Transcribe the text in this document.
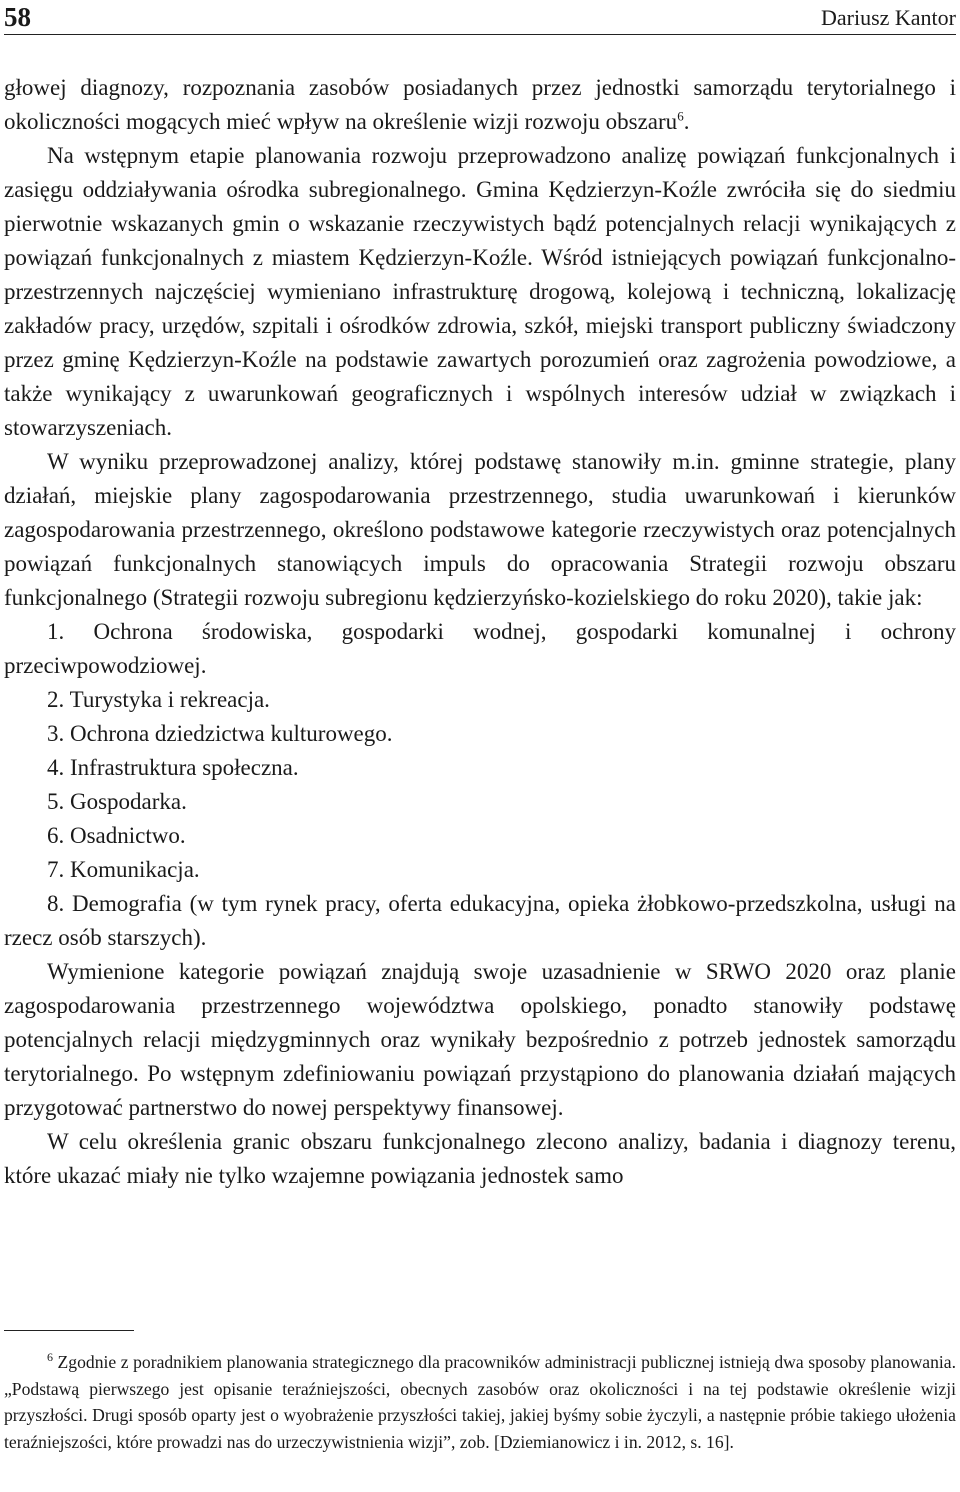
58	Dariusz Kantor

głowej diagnozy, rozpoznania zasobów posiadanych przez jednostki samorządu terytorialnego i okoliczności mogących mieć wpływ na określenie wizji rozwoju obszaru$^6$.

Na wstępnym etapie planowania rozwoju przeprowadzono analizę powiązań funkcjonalnych i zasięgu oddziaływania ośrodka subregionalnego. Gmina Kędzierzyn-Koźle zwróciła się do siedmiu pierwotnie wskazanych gmin o wskazanie rzeczywistych bądź potencjalnych relacji wynikających z powiązań funkcjonalnych z miastem Kędzierzyn-Koźle. Wśród istniejących powiązań funkcjonalno-przestrzennych najczęściej wymieniano infrastrukturę drogową, kolejową i techniczną, lokalizację zakładów pracy, urzędów, szpitali i ośrodków zdrowia, szkół, miejski transport publiczny świadczony przez gminę Kędzierzyn-Koźle na podstawie zawartych porozumień oraz zagrożenia powodziowe, a także wynikający z uwarunkowań geograficznych i wspólnych interesów udział w związkach i stowarzyszeniach.

W wyniku przeprowadzonej analizy, której podstawę stanowiły m.in. gminne strategie, plany działań, miejskie plany zagospodarowania przestrzennego, studia uwarunkowań i kierunków zagospodarowania przestrzennego, określono podstawowe kategorie rzeczywistych oraz potencjalnych powiązań funkcjonalnych stanowiących impuls do opracowania Strategii rozwoju obszaru funkcjonalnego (Strategii rozwoju subregionu kędzierzyńsko-kozielskiego do roku 2020), takie jak:

1. Ochrona środowiska, gospodarki wodnej, gospodarki komunalnej i ochrony przeciwpowodziowej.

2. Turystyka i rekreacja.

3. Ochrona dziedzictwa kulturowego.

4. Infrastruktura społeczna.

5. Gospodarka.

6. Osadnictwo.

7. Komunikacja.

8. Demografia (w tym rynek pracy, oferta edukacyjna, opieka żłobkowo-przedszkolna, usługi na rzecz osób starszych).

Wymienione kategorie powiązań znajdują swoje uzasadnienie w SRWO 2020 oraz planie zagospodarowania przestrzennego województwa opolskiego, ponadto stanowiły podstawę potencjalnych relacji międzygminnych oraz wynikały bezpośrednio z potrzeb jednostek samorządu terytorialnego. Po wstępnym zdefiniowaniu powiązań przystąpiono do planowania działań mających przygotować partnerstwo do nowej perspektywy finansowej.

W celu określenia granic obszaru funkcjonalnego zlecono analizy, badania i diagnozy terenu, które ukazać miały nie tylko wzajemne powiązania jednostek samo

$^6$ Zgodnie z poradnikiem planowania strategicznego dla pracowników administracji publicznej istnieją dwa sposoby planowania. „Podstawą pierwszego jest opisanie teraźniejszości, obecnych zasobów oraz okoliczności i na tej podstawie określenie wizji przyszłości. Drugi sposób oparty jest o wyobrażenie przyszłości takiej, jakiej byśmy sobie życzyli, a następnie próbie takiego ułożenia teraźniejszości, które prowadzi nas do urzeczywistnienia wizji”, zob. [Dziemianowicz i in. 2012, s. 16].
